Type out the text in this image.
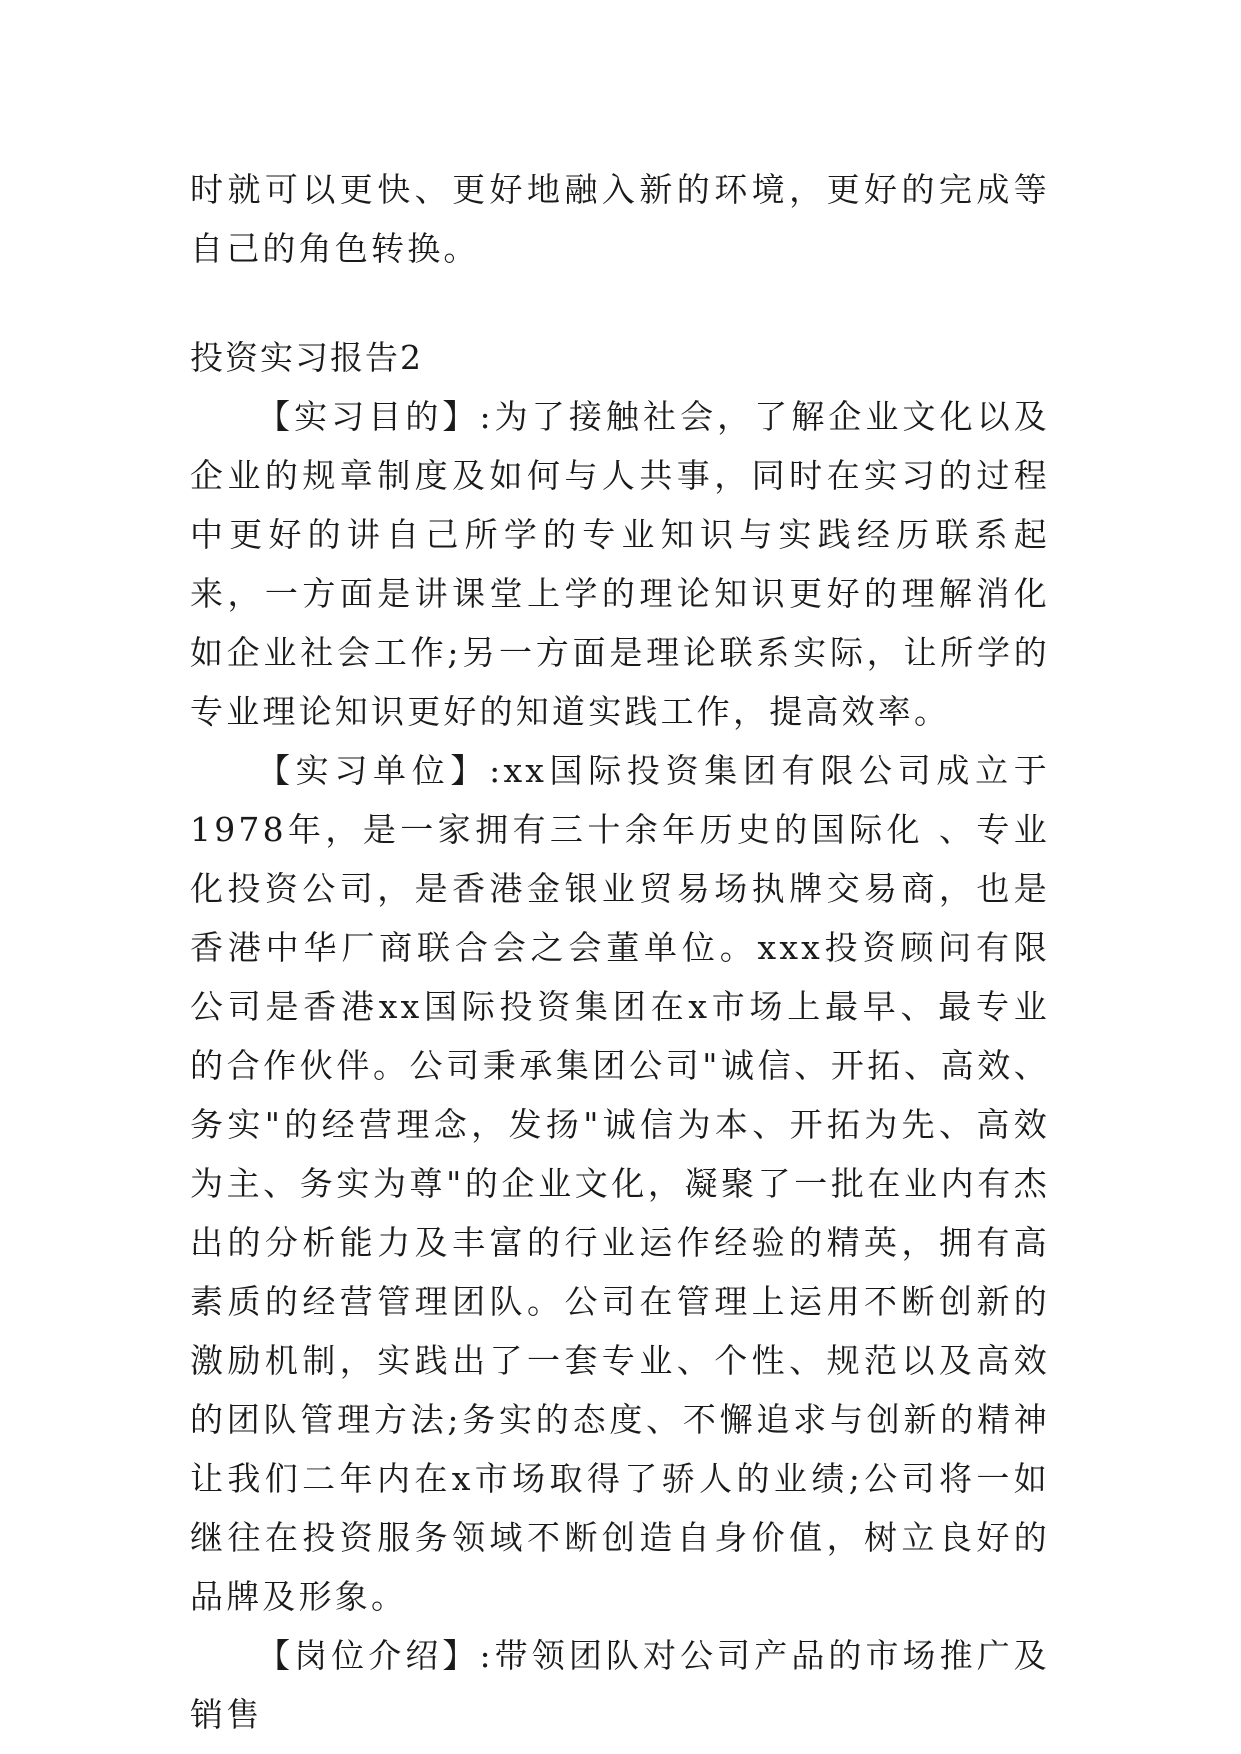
时就可以更快、更好地融入新的环境，更好的完成等自己的角色转换。

投资实习报告2

【实习目的】:为了接触社会，了解企业文化以及企业的规章制度及如何与人共事，同时在实习的过程中更好的讲自己所学的专业知识与实践经历联系起来，一方面是讲课堂上学的理论知识更好的理解消化如企业社会工作;另一方面是理论联系实际，让所学的专业理论知识更好的知道实践工作，提高效率。

【实习单位】:xx国际投资集团有限公司成立于1978年，是一家拥有三十余年历史的国际化 、专业化投资公司，是香港金银业贸易场执牌交易商，也是香港中华厂商联合会之会董单位。xxx投资顾问有限公司是香港xx国际投资集团在x市场上最早、最专业的合作伙伴。公司秉承集团公司"诚信、开拓、高效、务实"的经营理念，发扬"诚信为本、开拓为先、高效为主、务实为尊"的企业文化，凝聚了一批在业内有杰出的分析能力及丰富的行业运作经验的精英，拥有高素质的经营管理团队。公司在管理上运用不断创新的激励机制，实践出了一套专业、个性、规范以及高效的团队管理方法;务实的态度、不懈追求与创新的精神让我们二年内在x市场取得了骄人的业绩;公司将一如继往在投资服务领域不断创造自身价值，树立良好的品牌及形象。

【岗位介绍】:带领团队对公司产品的市场推广及销售
